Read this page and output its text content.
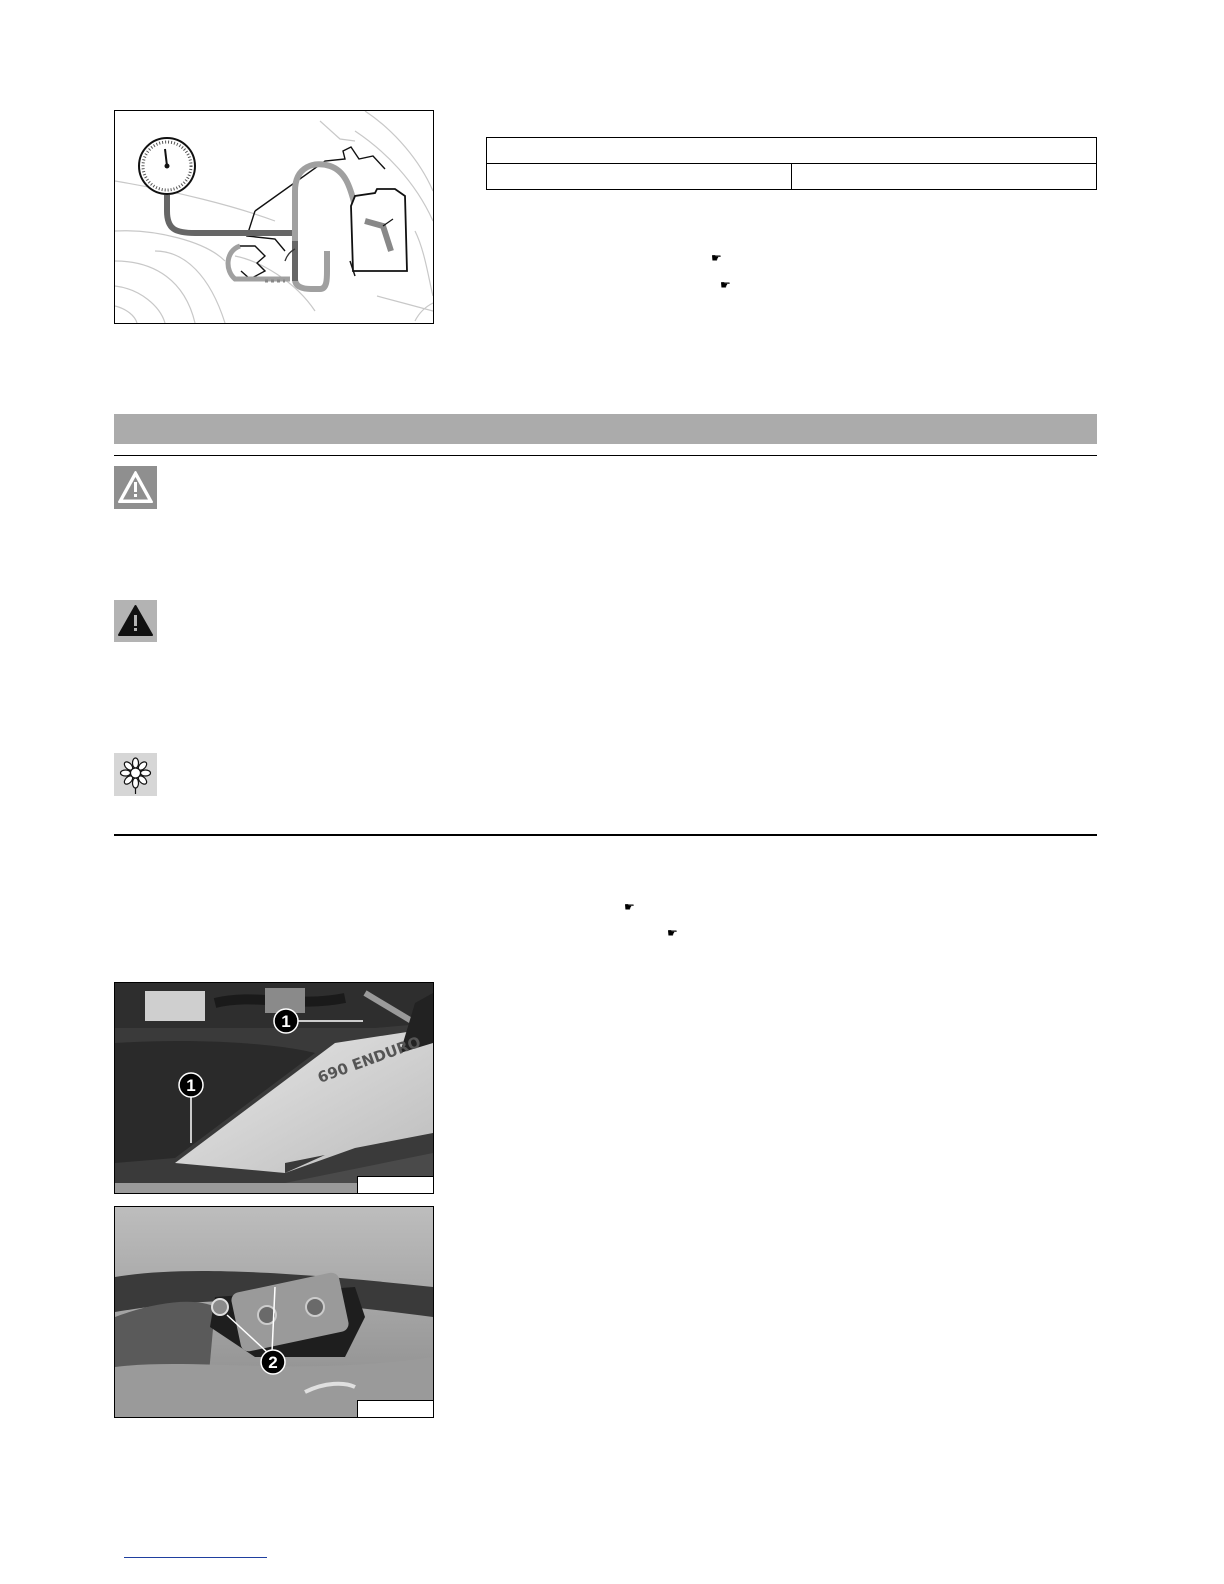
☛
☛
☛
☛
690 ENDURO
1
1
2
